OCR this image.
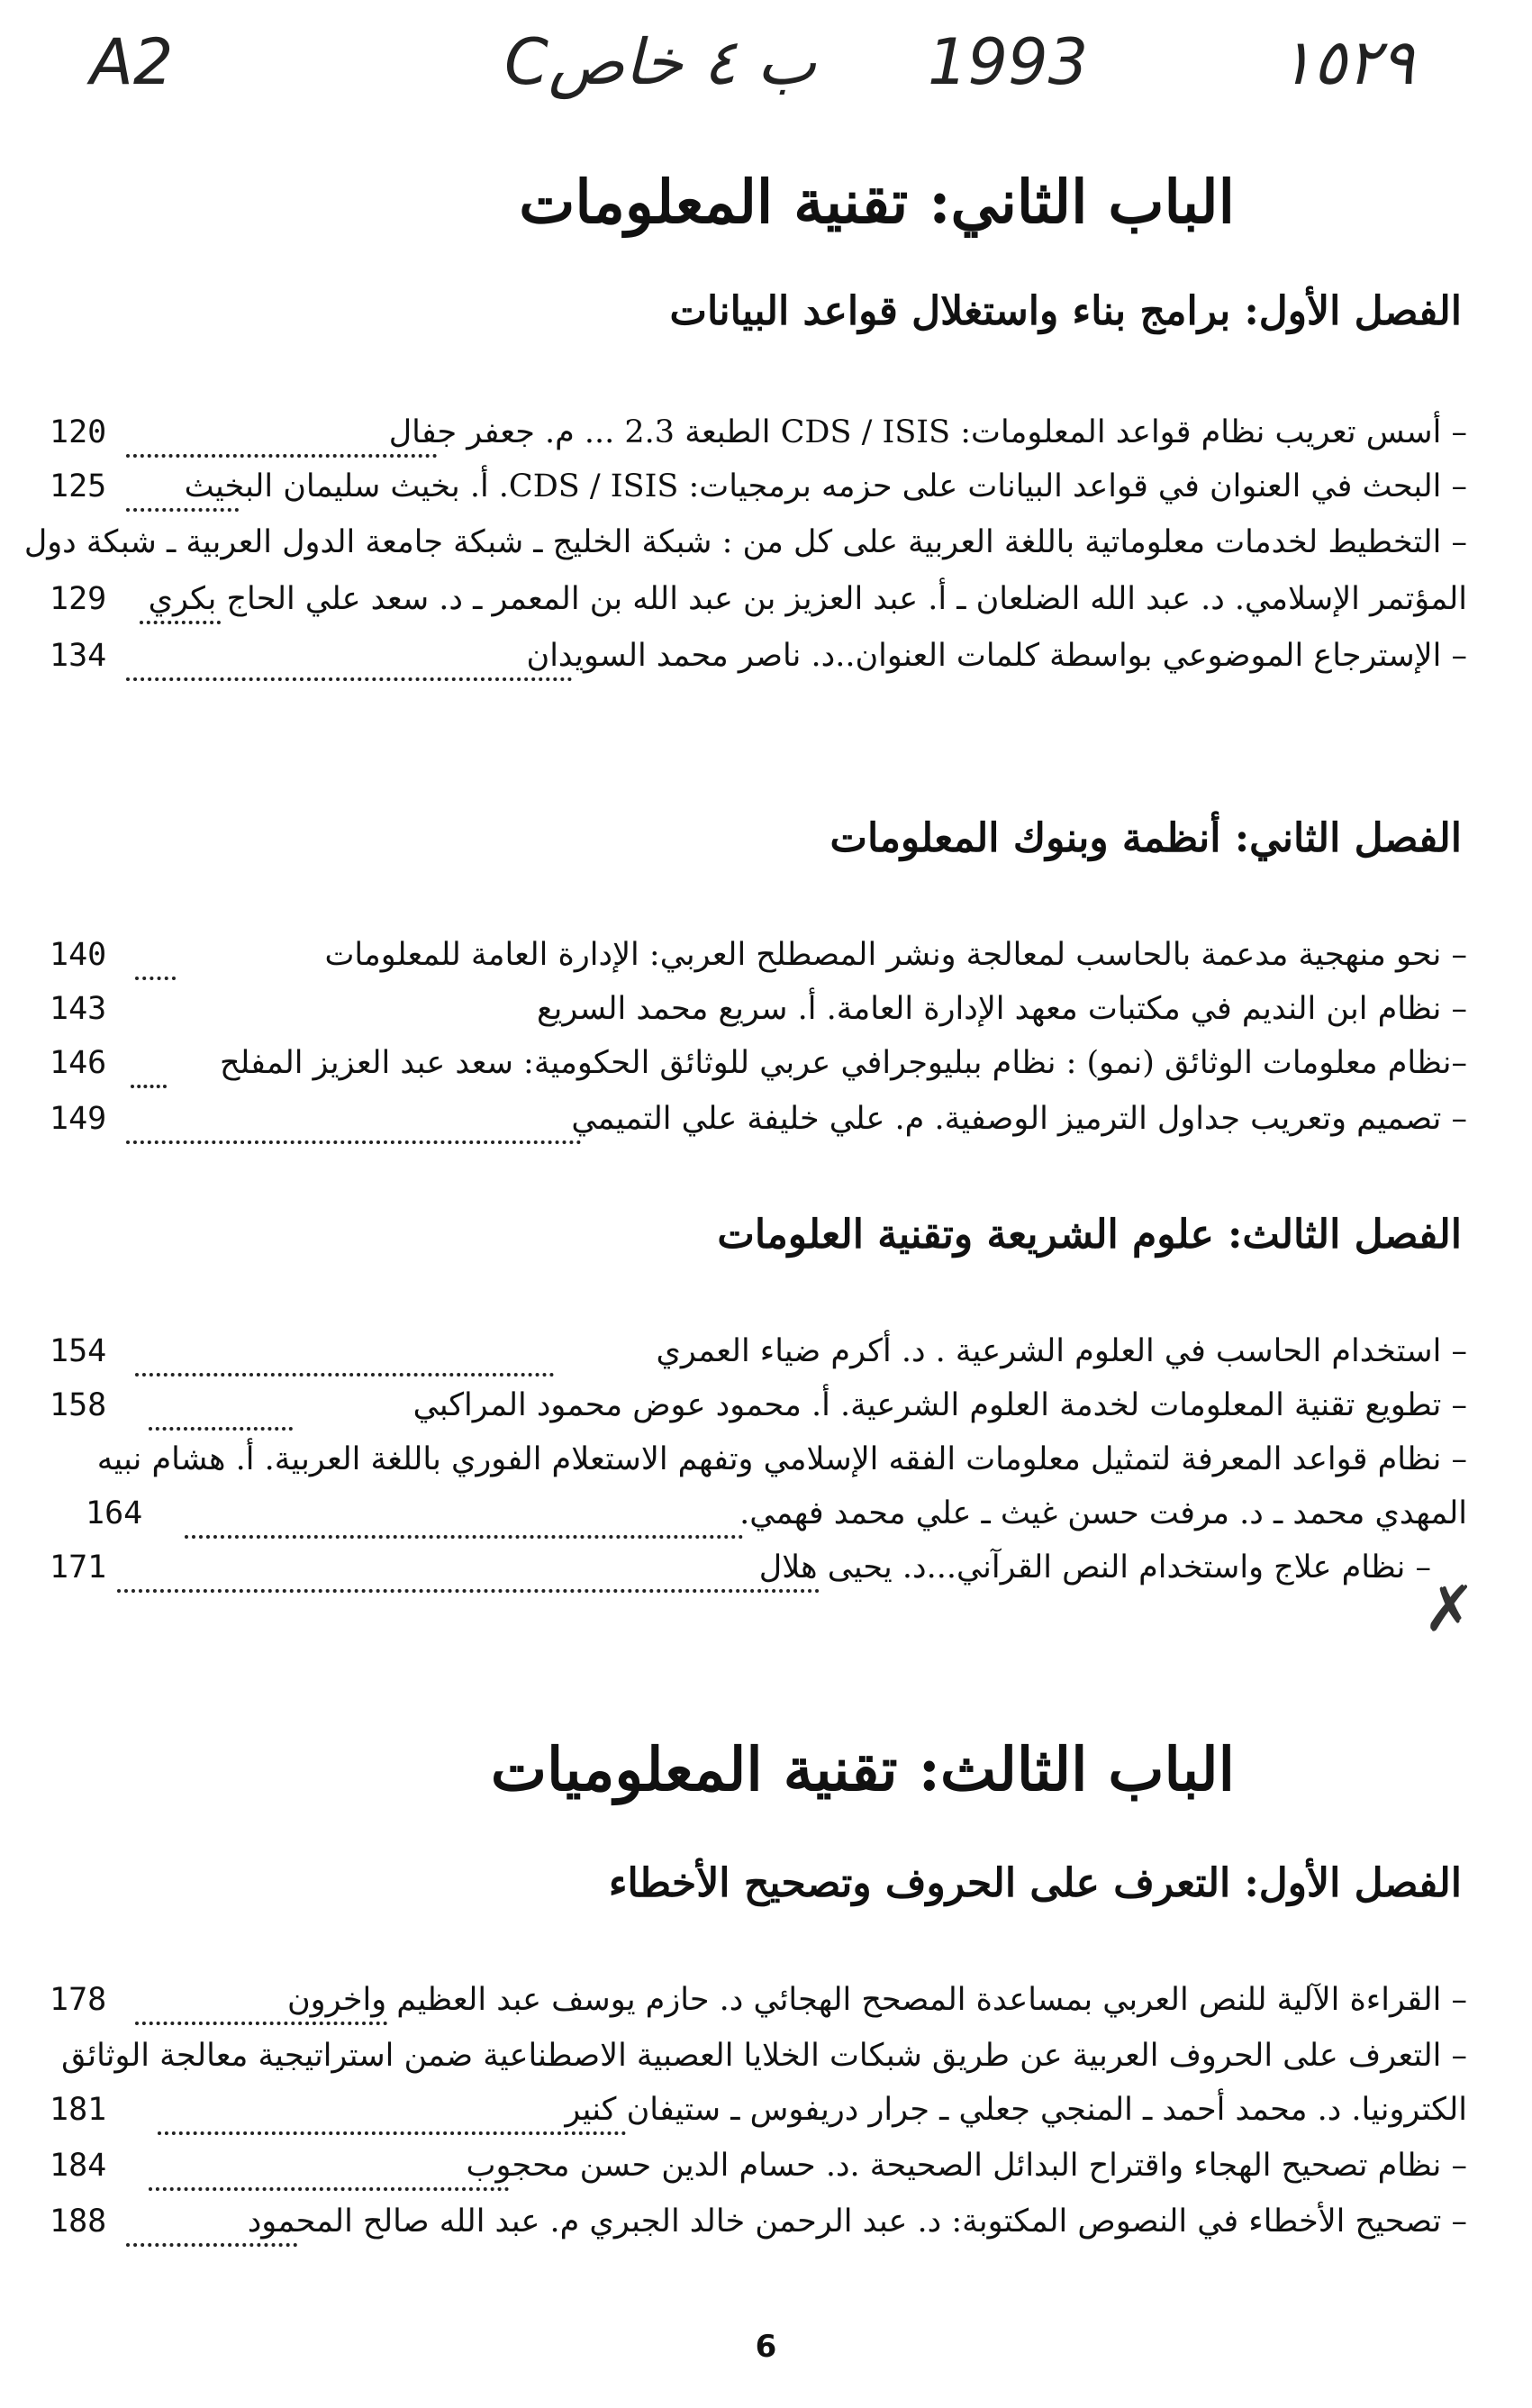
A2	Cب ٤ خاص 1993	١٥٢٩
الباب الثاني: تقنية المعلومات
الفصل الأول: برامج بناء واستغلال قواعد البيانات
– أسس تعريب نظام قواعد المعلومات: CDS / ISIS الطبعة 2.3 ... م. جعفر جفال
120
– البحث في العنوان في قواعد البيانات على حزمه برمجيات: CDS / ISIS. أ. بخيث سليمان البخيث
125
– التخطيط لخدمات معلوماتية باللغة العربية على كل من : شبكة الخليج ـ شبكة جامعة الدول العربية ـ شبكة دول
المؤتمر الإسلامي. د. عبد الله الضلعان ـ أ. عبد العزيز بن عبد الله بن المعمر ـ د. سعد علي الحاج بكري
129
– الإسترجاع الموضوعي بواسطة كلمات العنوان..د. ناصر محمد السويدان
134
الفصل الثاني: أنظمة وبنوك المعلومات
– نحو منهجية مدعمة بالحاسب لمعالجة ونشر المصطلح العربي: الإدارة العامة للمعلومات
140
– نظام ابن النديم في مكتبات معهد الإدارة العامة. أ. سريع محمد السريع
143
–نظام معلومات الوثائق (نمو) : نظام ببليوجرافي عربي للوثائق الحكومية: سعد عبد العزيز المفلح
146
– تصميم وتعريب جداول الترميز الوصفية. م. علي خليفة علي التميمي
149
الفصل الثالث: علوم الشريعة وتقنية العلومات
– استخدام الحاسب في العلوم الشرعية . د. أكرم ضياء العمري
154
– تطويع تقنية المعلومات لخدمة العلوم الشرعية. أ. محمود عوض محمود المراكبي
158
– نظام قواعد المعرفة لتمثيل معلومات الفقه الإسلامي وتفهم الاستعلام الفوري باللغة العربية. أ. هشام نبيه
المهدي محمد ـ د. مرفت حسن غيث ـ علي محمد فهمي.
164
– نظام علاج واستخدام النص القرآني...د. يحيى هلال
171
✗
الباب الثالث: تقنية المعلوميات
الفصل الأول: التعرف على الحروف وتصحيح الأخطاء
– القراءة الآلية للنص العربي بمساعدة المصحح الهجائي د. حازم يوسف عبد العظيم واخرون
178
– التعرف على الحروف العربية عن طريق شبكات الخلايا العصبية الاصطناعية ضمن استراتيجية معالجة الوثائق
الكترونيا. د. محمد أحمد ـ المنجي جعلي ـ جرار دريفوس ـ ستيفان كنير
181
– نظام تصحيح الهجاء واقتراح البدائل الصحيحة .د. حسام الدين حسن محجوب
184
– تصحيح الأخطاء في النصوص المكتوبة: د. عبد الرحمن خالد الجبري م. عبد الله صالح المحمود
188
6
